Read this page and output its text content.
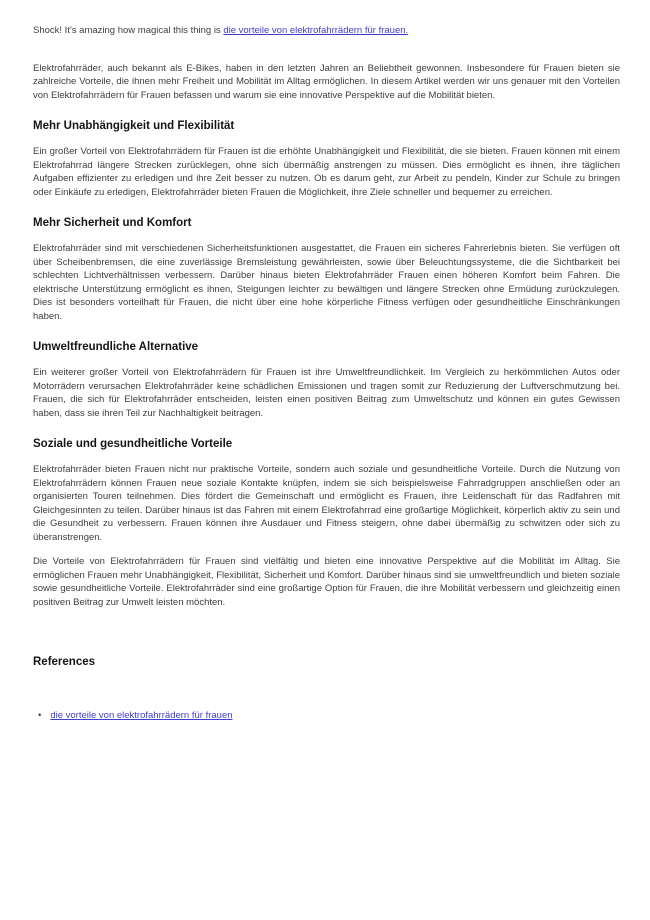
Shock! It's amazing how magical this thing is die vorteile von elektrofahrrädern für frauen.

Elektrofahrräder, auch bekannt als E-Bikes, haben in den letzten Jahren an Beliebtheit gewonnen. Insbesondere für Frauen bieten sie zahlreiche Vorteile, die ihnen mehr Freiheit und Mobilität im Alltag ermöglichen. In diesem Artikel werden wir uns genauer mit den Vorteilen von Elektrofahrrädern für Frauen befassen und warum sie eine innovative Perspektive auf die Mobilität bieten.

Mehr Unabhängigkeit und Flexibilität

Ein großer Vorteil von Elektrofahrrädern für Frauen ist die erhöhte Unabhängigkeit und Flexibilität, die sie bieten. Frauen können mit einem Elektrofahrrad längere Strecken zurücklegen, ohne sich übermäßig anstrengen zu müssen. Dies ermöglicht es ihnen, ihre täglichen Aufgaben effizienter zu erledigen und ihre Zeit besser zu nutzen. Ob es darum geht, zur Arbeit zu pendeln, Kinder zur Schule zu bringen oder Einkäufe zu erledigen, Elektrofahrräder bieten Frauen die Möglichkeit, ihre Ziele schneller und bequemer zu erreichen.

Mehr Sicherheit und Komfort

Elektrofahrräder sind mit verschiedenen Sicherheitsfunktionen ausgestattet, die Frauen ein sicheres Fahrerlebnis bieten. Sie verfügen oft über Scheibenbremsen, die eine zuverlässige Bremsleistung gewährleisten, sowie über Beleuchtungssysteme, die die Sichtbarkeit bei schlechten Lichtverhältnissen verbessern. Darüber hinaus bieten Elektrofahrräder Frauen einen höheren Komfort beim Fahren. Die elektrische Unterstützung ermöglicht es ihnen, Steigungen leichter zu bewältigen und längere Strecken ohne Ermüdung zurückzulegen. Dies ist besonders vorteilhaft für Frauen, die nicht über eine hohe körperliche Fitness verfügen oder gesundheitliche Einschränkungen haben.

Umweltfreundliche Alternative

Ein weiterer großer Vorteil von Elektrofahrrädern für Frauen ist ihre Umweltfreundlichkeit. Im Vergleich zu herkömmlichen Autos oder Motorrädern verursachen Elektrofahrräder keine schädlichen Emissionen und tragen somit zur Reduzierung der Luftverschmutzung bei. Frauen, die sich für Elektrofahrräder entscheiden, leisten einen positiven Beitrag zum Umweltschutz und können ein gutes Gewissen haben, dass sie ihren Teil zur Nachhaltigkeit beitragen.

Soziale und gesundheitliche Vorteile

Elektrofahrräder bieten Frauen nicht nur praktische Vorteile, sondern auch soziale und gesundheitliche Vorteile. Durch die Nutzung von Elektrofahrrädern können Frauen neue soziale Kontakte knüpfen, indem sie sich beispielsweise Fahrradgruppen anschließen oder an organisierten Touren teilnehmen. Dies fördert die Gemeinschaft und ermöglicht es Frauen, ihre Leidenschaft für das Radfahren mit Gleichgesinnten zu teilen. Darüber hinaus ist das Fahren mit einem Elektrofahrrad eine großartige Möglichkeit, körperlich aktiv zu sein und die Gesundheit zu verbessern. Frauen können ihre Ausdauer und Fitness steigern, ohne dabei übermäßig zu schwitzen oder sich zu überanstrengen.

Die Vorteile von Elektrofahrrädern für Frauen sind vielfältig und bieten eine innovative Perspektive auf die Mobilität im Alltag. Sie ermöglichen Frauen mehr Unabhängigkeit, Flexibilität, Sicherheit und Komfort. Darüber hinaus sind sie umweltfreundlich und bieten soziale sowie gesundheitliche Vorteile. Elektrofahrräder sind eine großartige Option für Frauen, die ihre Mobilität verbessern und gleichzeitig einen positiven Beitrag zur Umwelt leisten möchten.

References
• die vorteile von elektrofahrrädern für frauen
